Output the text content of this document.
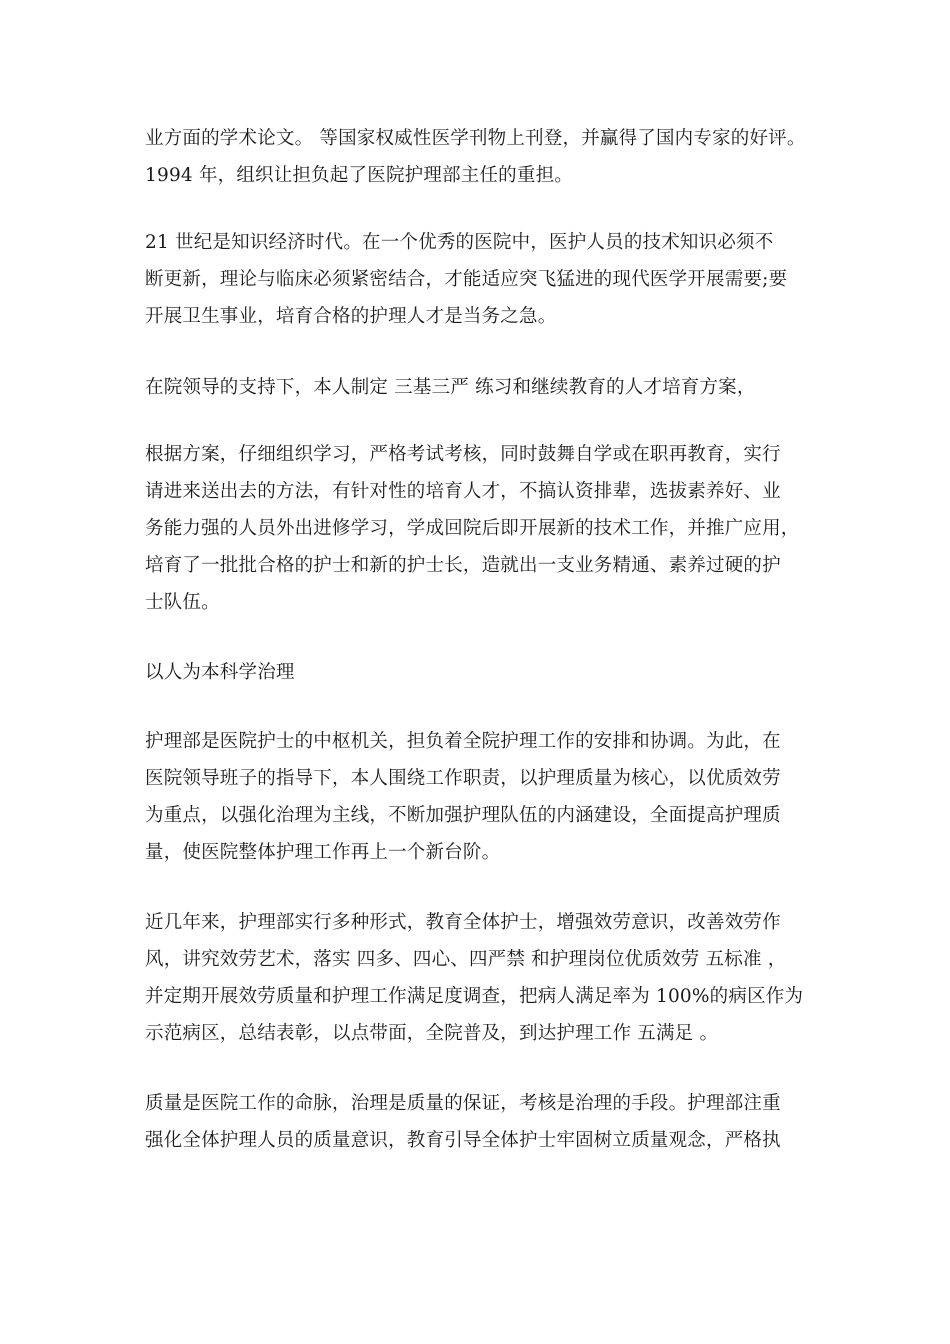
业方面的学术论文。 等国家权威性医学刊物上刊登，并赢得了国内专家的好评。
1994 年，组织让担负起了医院护理部主任的重担。
21 世纪是知识经济时代。在一个优秀的医院中，医护人员的技术知识必须不
断更新，理论与临床必须紧密结合，才能适应突飞猛进的现代医学开展需要;要
开展卫生事业，培育合格的护理人才是当务之急。
在院领导的支持下，本人制定 三基三严 练习和继续教育的人才培育方案，
根据方案，仔细组织学习，严格考试考核，同时鼓舞自学或在职再教育，实行
请进来送出去的方法，有针对性的培育人才，不搞认资排辈，选拔素养好、业
务能力强的人员外出进修学习，学成回院后即开展新的技术工作，并推广应用，
培育了一批批合格的护士和新的护士长，造就出一支业务精通、素养过硬的护
士队伍。
以人为本科学治理
护理部是医院护士的中枢机关，担负着全院护理工作的安排和协调。为此，在
医院领导班子的指导下，本人围绕工作职责，以护理质量为核心，以优质效劳
为重点，以强化治理为主线，不断加强护理队伍的内涵建设，全面提高护理质
量，使医院整体护理工作再上一个新台阶。
近几年来，护理部实行多种形式，教育全体护士，增强效劳意识，改善效劳作
风，讲究效劳艺术，落实 四多、四心、四严禁 和护理岗位优质效劳 五标准 ，
并定期开展效劳质量和护理工作满足度调查，把病人满足率为 100%的病区作为
示范病区，总结表彰，以点带面，全院普及，到达护理工作 五满足 。
质量是医院工作的命脉，治理是质量的保证，考核是治理的手段。护理部注重
强化全体护理人员的质量意识，教育引导全体护士牢固树立质量观念，严格执
